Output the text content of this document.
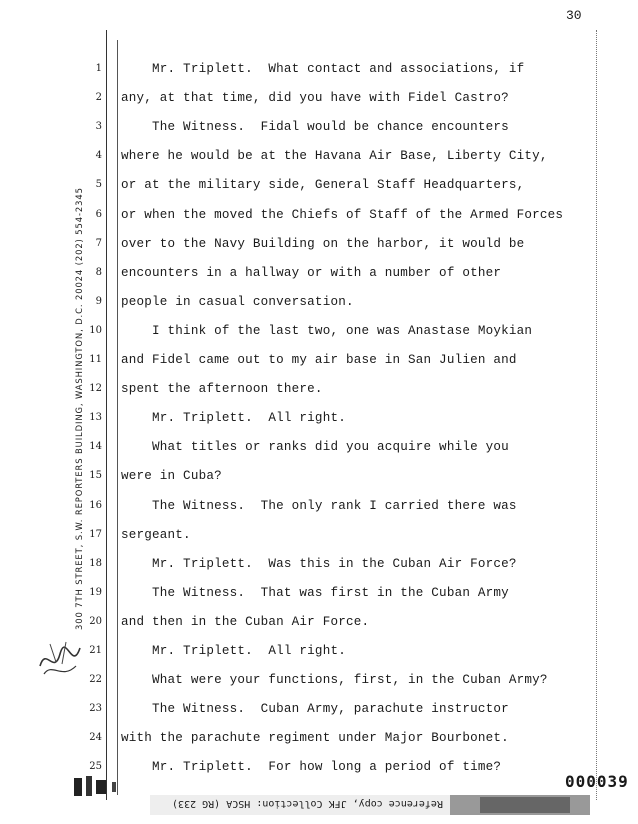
30
300 7TH STREET, S.W. REPORTERS BUILDING, WASHINGTON, D.C. 20024 (202) 554-2345
1
2
3
4
5
6
7
8
9
10
11
12
13
14
15
16
17
18
19
20
21
22
23
24
25
Mr. Triplett.  What contact and associations, if
any, at that time, did you have with Fidel Castro?
The Witness.  Fidal would be chance encounters
where he would be at the Havana Air Base, Liberty City,
or at the military side, General Staff Headquarters,
or when the moved the Chiefs of Staff of the Armed Forces
over to the Navy Building on the harbor, it would be
encounters in a hallway or with a number of other
people in casual conversation.
I think of the last two, one was Anastase Moykian
and Fidel came out to my air base in San Julien and
spent the afternoon there.
Mr. Triplett.  All right.
What titles or ranks did you acquire while you
were in Cuba?
The Witness.  The only rank I carried there was
sergeant.
Mr. Triplett.  Was this in the Cuban Air Force?
The Witness.  That was first in the Cuban Army
and then in the Cuban Air Force.
Mr. Triplett.  All right.
What were your functions, first, in the Cuban Army?
The Witness.  Cuban Army, parachute instructor
with the parachute regiment under Major Bourbonet.
Mr. Triplett.  For how long a period of time?
Reference copy, JFK Collection: HSCA (RG 233)
000039
